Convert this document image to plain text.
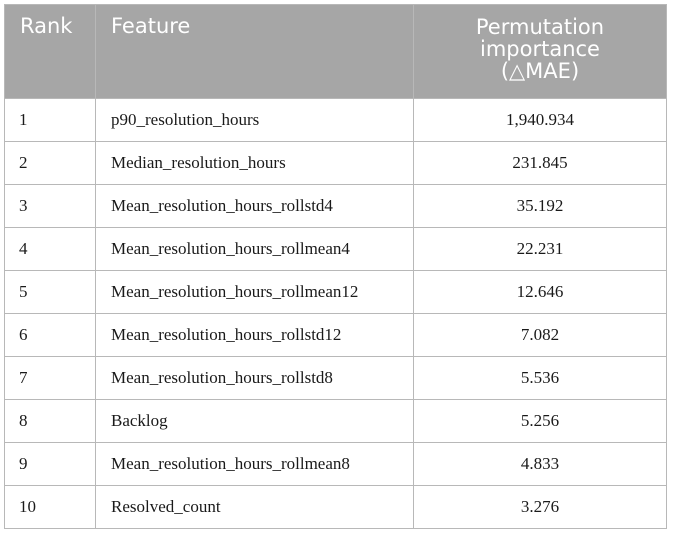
Rank	Feature	Permutation
importance
(△MAE)

1	p90_resolution_hours	1,940.934
2	Median_resolution_hours	231.845
3	Mean_resolution_hours_rollstd4	35.192
4	Mean_resolution_hours_rollmean4	22.231
5	Mean_resolution_hours_rollmean12	12.646
6	Mean_resolution_hours_rollstd12	7.082
7	Mean_resolution_hours_rollstd8	5.536
8	Backlog	5.256
9	Mean_resolution_hours_rollmean8	4.833
10	Resolved_count	3.276
